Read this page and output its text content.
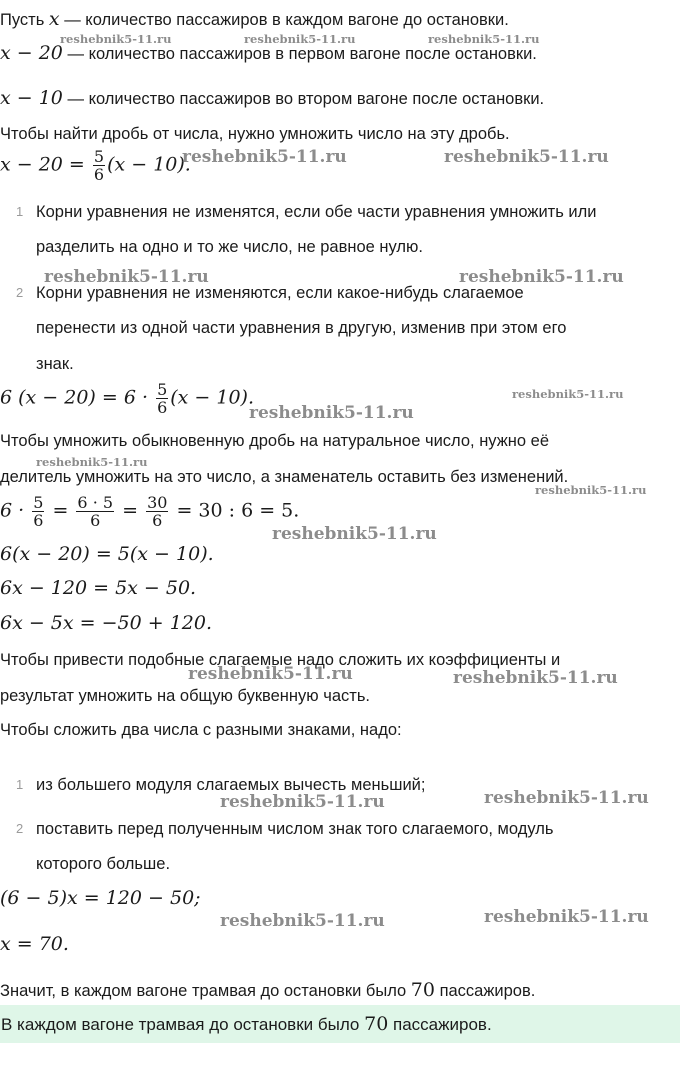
Пусть x — количество пассажиров в каждом вагоне до остановки.
x − 20 — количество пассажиров в первом вагоне после остановки.
x − 10 — количество пассажиров во втором вагоне после остановки.
Чтобы найти дробь от числа, нужно умножить число на эту дробь.
$x - 20 = \frac{5}{6} (x - 10)$.
1 Корни уравнения не изменятся, если обе части уравнения умножить или
разделить на одно и то же число, не равное нулю.
2 Корни уравнения не изменяются, если какое-нибудь слагаемое
перенести из одной части уравнения в другую, изменив при этом его
знак.
6 $(x - 20) = 6 \cdot \frac{5}{6} (x - 10)$.
Чтобы умножить обыкновенную дробь на натуральное число, нужно её
делитель умножить на это число, а знаменатель оставить без изменений.
$6 \cdot \frac{5}{6} = \frac{6 \cdot 5}{6} = \frac{30}{6} = 30$ : 6 = 5.
6(x − 20) = 5(x − 10).
6x − 120 = 5x − 50.
6x − 5x = −50 + 120.
Чтобы привести подобные слагаемые надо сложить их коэффициенты и
результат умножить на общую буквенную часть.
Чтобы сложить два числа с разными знаками, надо:
1 из большего модуля слагаемых вычесть меньший;
2 поставить перед полученным числом знак того слагаемого, модуль
которого больше.
(6 − 5)x = 120 − 50;
x = 70.
Значит, в каждом вагоне трамвая до остановки было 70 пассажиров.
В каждом вагоне трамвая до остановки было 70 пассажиров.
reshebnik5-11.ru	reshebnik5-11.ru	reshebnik5-11.ru
reshebnik5-11.ru	reshebnik5-11.ru
reshebnik5-11.ru	reshebnik5-11.ru
reshebnik5-11.ru
reshebnik5-11.ru
reshebnik5-11.ru
reshebnik5-11.ru
reshebnik5-11.ru
reshebnik5-11.ru	reshebnik5-11.ru
reshebnik5-11.ru
reshebnik5-11.ru
reshebnik5-11.ru
reshebnik5-11.ru
